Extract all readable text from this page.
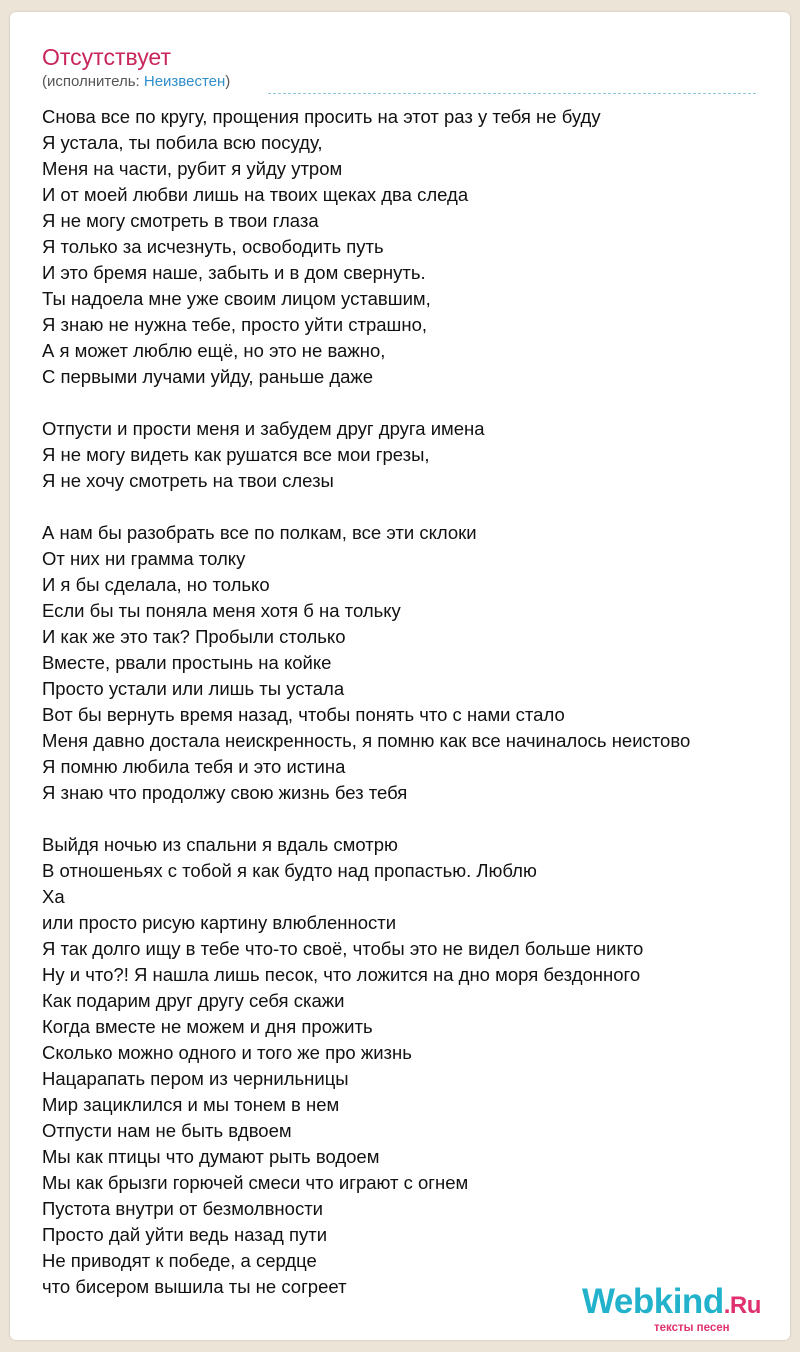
Отсутствует
(исполнитель: Неизвестен)
Снова все по кругу, прощения просить на этот раз у тебя не буду
Я устала, ты побила всю посуду,
Меня на части, рубит я уйду утром
И от моей любви лишь на твоих щеках два следа
Я не могу смотреть в твои глаза
Я только за исчезнуть, освободить путь
И это бремя наше, забыть и в дом свернуть.
Ты надоела мне уже своим лицом уставшим,
Я знаю не нужна тебе, просто уйти страшно,
А я может люблю ещё, но это не важно,
С первыми лучами уйду, раньше даже
Отпусти и прости меня и забудем друг друга имена
Я не могу видеть как рушатся все мои грезы,
Я не хочу смотреть на твои слезы
А нам бы разобрать все по полкам, все эти склоки
От них ни грамма толку
И я бы сделала, но только
Если бы ты поняла меня хотя б на тольку
И как же это так? Пробыли столько
Вместе, рвали простынь на койке
Просто устали или лишь ты устала
Вот бы вернуть время назад, чтобы понять что с нами стало
Меня давно достала неискренность, я помню как все начиналось неистово
Я помню любила тебя и это истина
Я знаю что продолжу свою жизнь без тебя
Выйдя ночью из спальни я вдаль смотрю
В отношеньях с тобой я как будто над пропастью. Люблю
Ха
или просто рисую картину влюбленности
Я так долго ищу в тебе что-то своё, чтобы это не видел больше никто
Ну и что?! Я нашла лишь песок, что ложится на дно моря бездонного
Как подарим друг другу себя скажи
Когда вместе не можем и дня прожить
Сколько можно одного и того же про жизнь
Нацарапать пером из чернильницы
Мир зациклился и мы тонем в нем
Отпусти нам не быть вдвоем
Мы как птицы что думают рыть водоем
Мы как брызги горючей смеси что играют с огнем
Пустота внутри от безмолвности
Просто дай уйти ведь назад пути
Не приводят к победе, а сердце
что бисером вышила ты не согреет	Webkind.Ru
тексты песен
